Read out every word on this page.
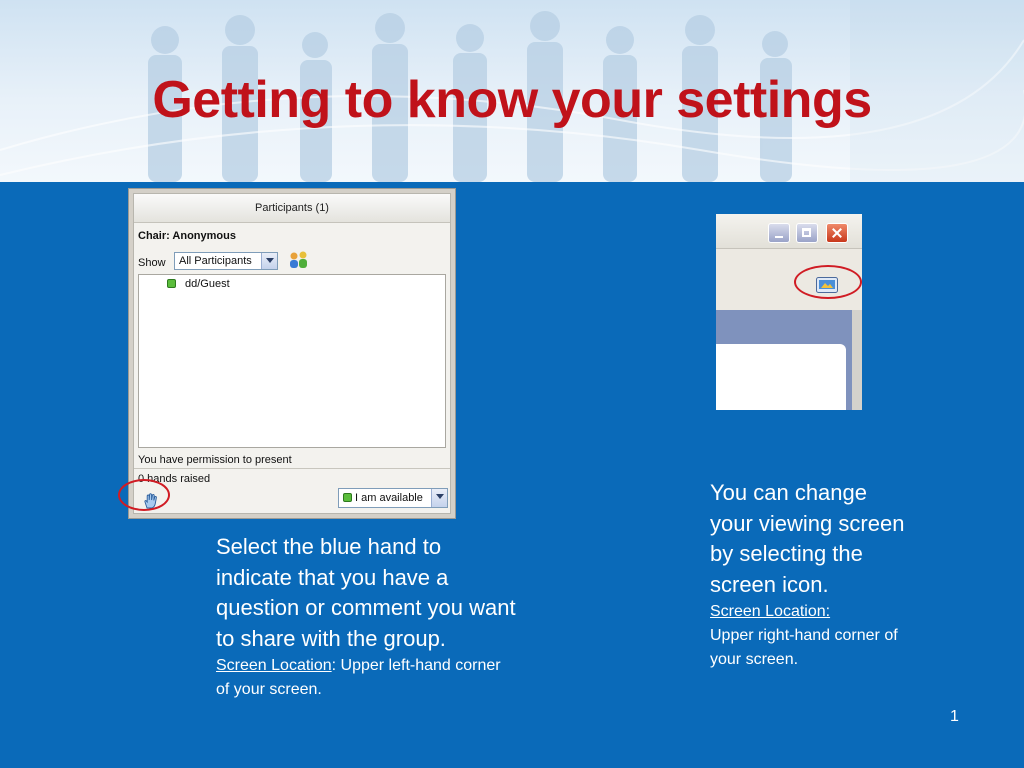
Getting to know your settings
Participants (1)
Chair: Anonymous
Show All Participants
dd/Guest
You have permission to present
0 hands raised
I am available

Select the blue hand to indicate that you have a question or comment you want to share with the group.

Screen Location: Upper left-hand corner of your screen.

You can change your viewing screen by selecting the screen icon.

Screen Location:

Upper right-hand corner of your screen.

1
